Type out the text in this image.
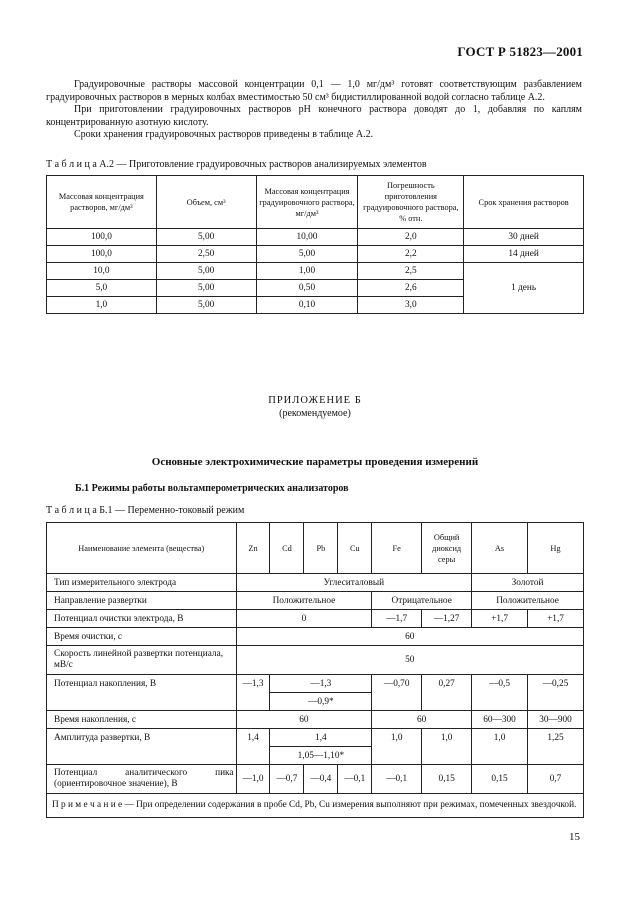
ГОСТ Р 51823—2001

Градуировочные растворы массовой концентрации 0,1 — 1,0 мг/дм³ готовят соответствующим разбавлением градуировочных растворов в мерных колбах вместимостью 50 см³ бидистиллированной водой согласно таблице А.2.

При приготовлении градуировочных растворов pH конечного раствора доводят до 1, добавляя по каплям концентрированную азотную кислоту.

Сроки хранения градуировочных растворов приведены в таблице А.2.

Т а б л и ц а А.2 — Приготовление градуировочных растворов анализируемых элементов
Массовая концентрация растворов, мг/дм³	Объем, см³	Массовая концентрация градуировочного раствора, мг/дм³	Погрешность приготовления градуировочного раствора, % отн.	Срок хранения растворов
100,0	5,00	10,00	2,0	30 дней
100,0	2,50	5,00	2,2	14 дней
10,0	5,00	1,00	2,5	1 день
5,0	5,00	0,50	2,6	
1,0	5,00	0,10	3,0	
ПРИЛОЖЕНИЕ Б
(рекомендуемое)
Основные электрохимические параметры проведения измерений
Б.1 Режимы работы вольтамперометрических анализаторов
Т а б л и ц а Б.1 — Переменно-токовый режим
Наименование элемента (вещества)	Zn	Cd	Pb	Cu	Fe	Общий диоксид серы	As	Hg
Тип измерительного электрода	Углеситаловый						Золотой	
Направление развертки	Положительное				Отрицательное		Положительное	
Потенциал очистки электрода, В	0				—1,7	—1,27	+1,7	+1,7
Время очистки, с	60							
Скорость линейной развертки потенциала, мВ/с	50							
Потенциал накопления, В	—1,3	—1,3			—0,70	0,27	—0,5	—0,25
		—0,9*						
Время накопления, с	60				60		60—300	30—900
Амплитуда развертки, В	1,4	1,4			1,0	1,0	1,0	1,25
		1,05—1,10*						
Потенциал аналитического пика (ориентировочное значение), В	—1,0	—0,7	—0,4	—0,1	—0,1	0,15	0,15	0,7
П р и м е ч а н и е — При определении содержания в пробе Cd, Pb, Cu измерения выполняют при режимах, помеченных звездочкой.								
15
